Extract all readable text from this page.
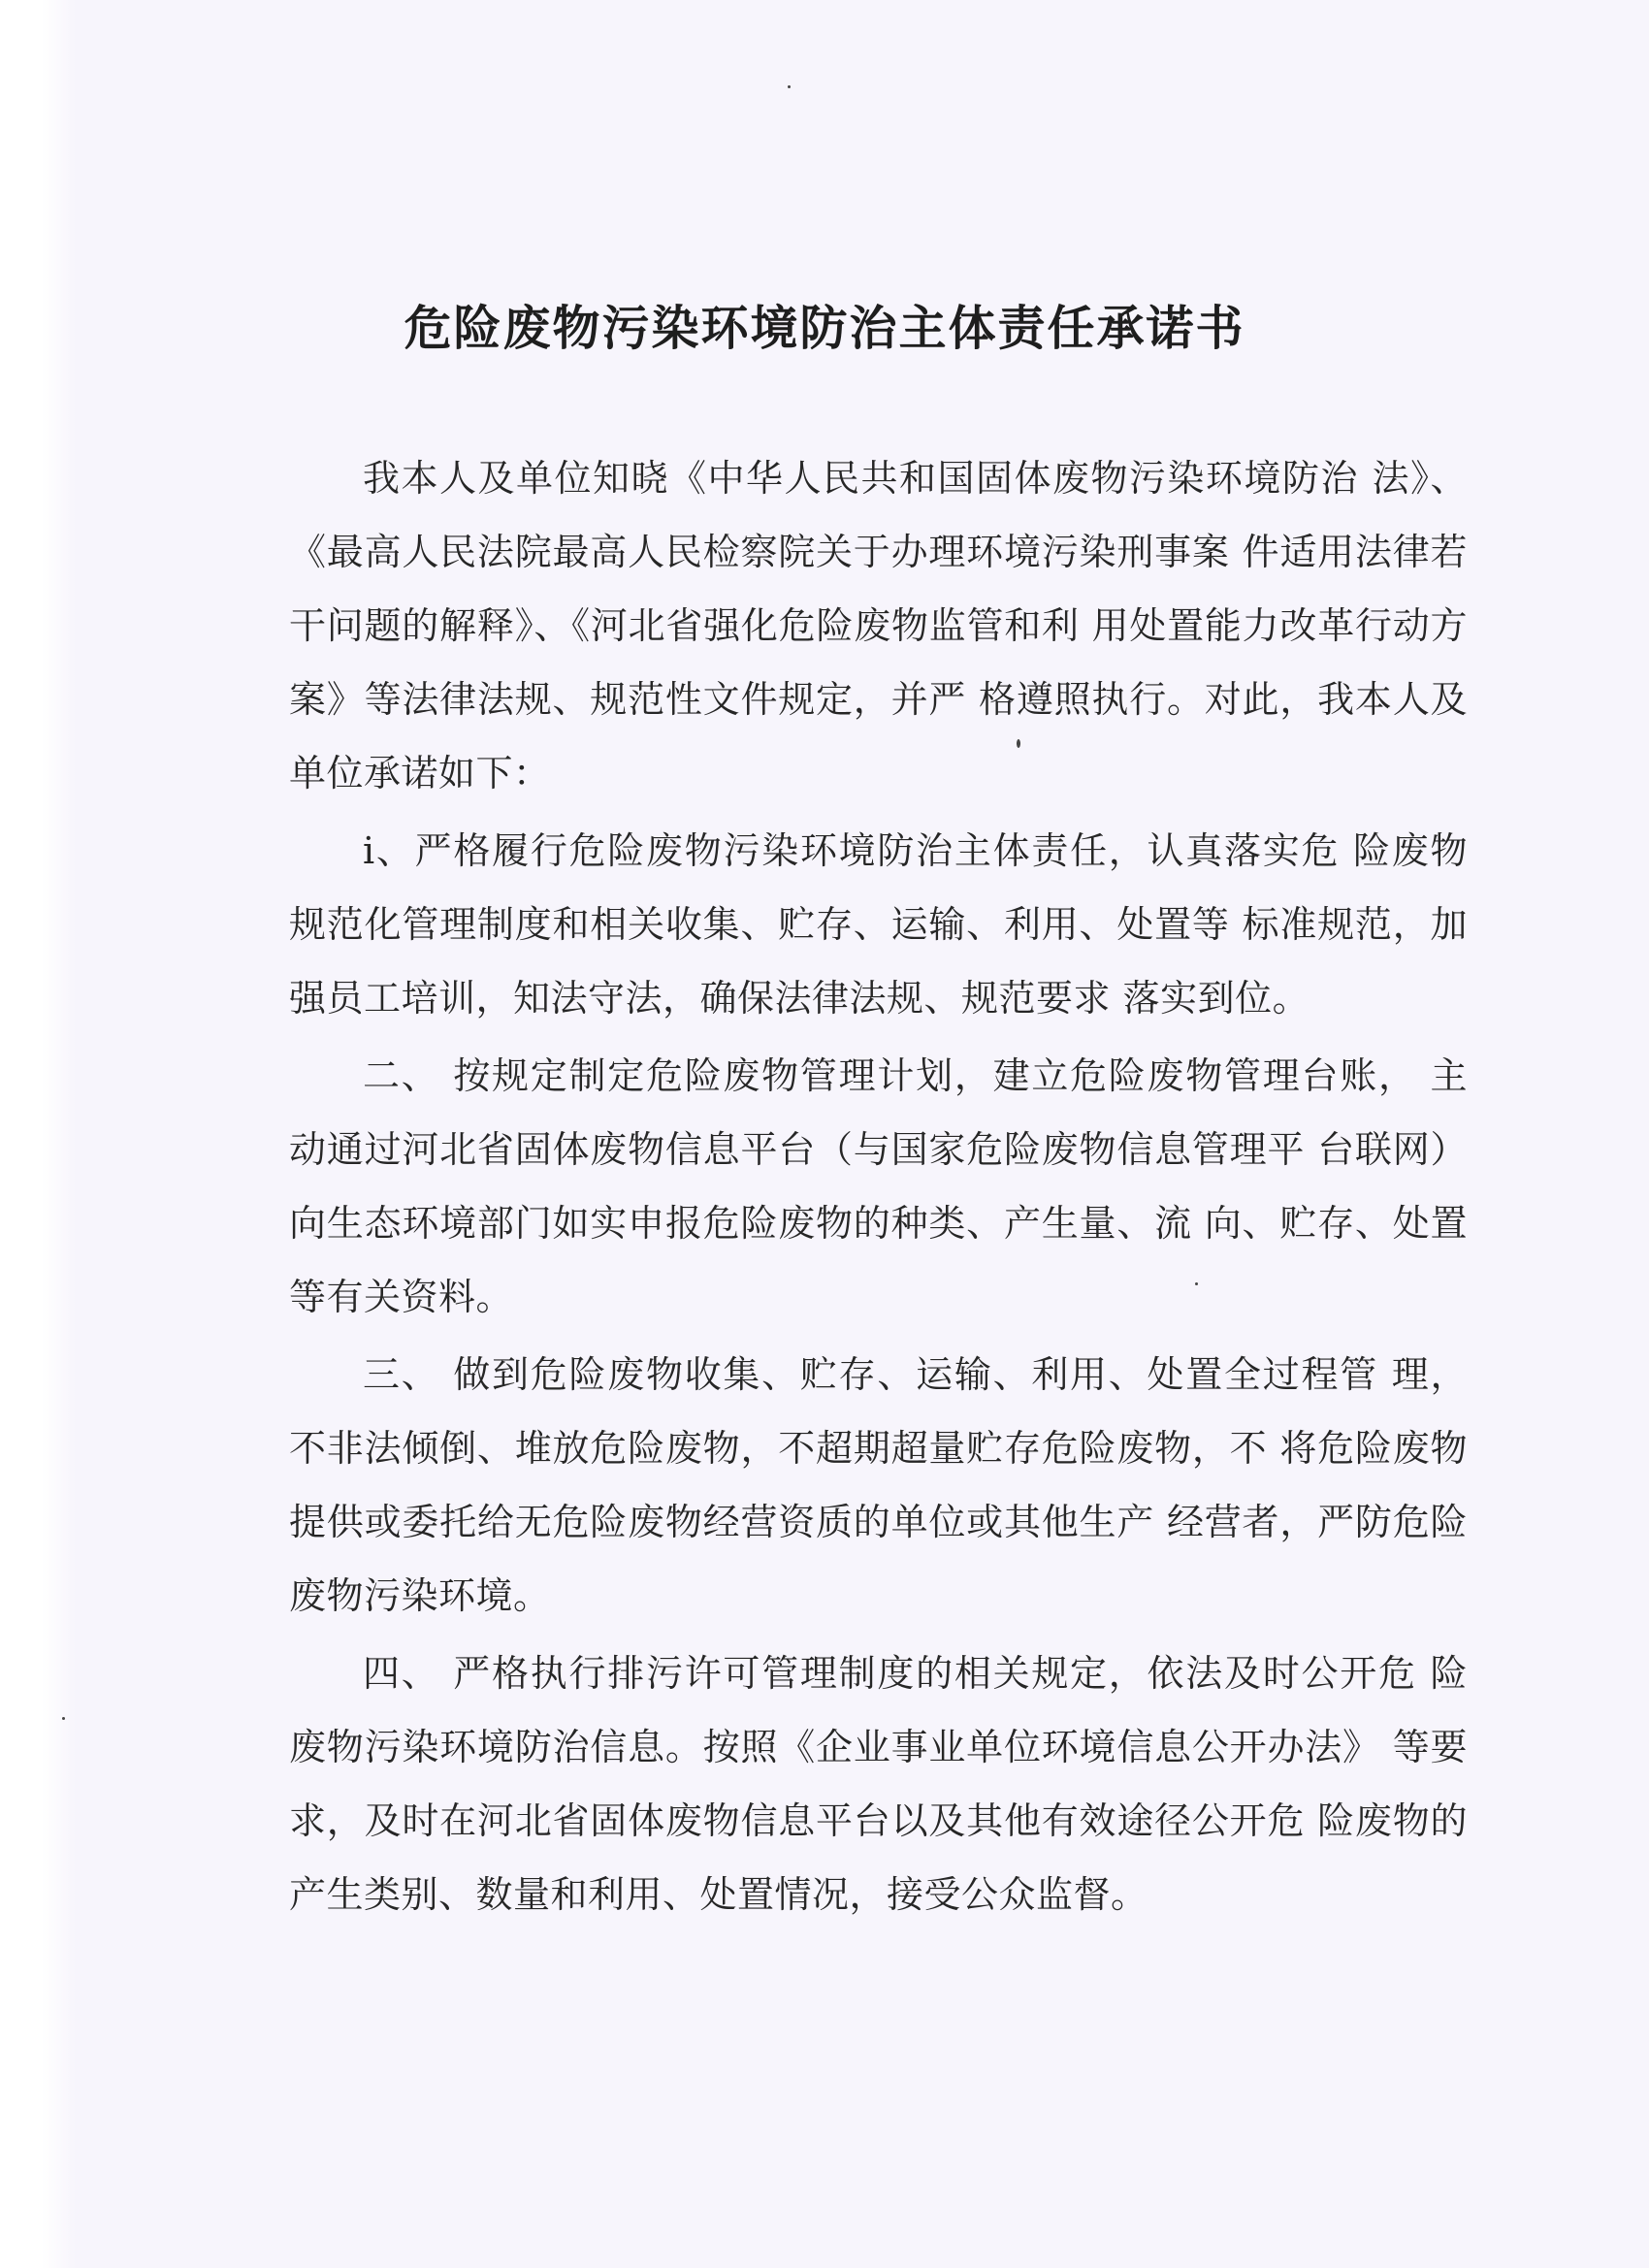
危险废物污染环境防治主体责任承诺书

我本人及单位知晓《中华人民共和国固体废物污染环境防治 法》、《最高人民法院最高人民检察院关于办理环境污染刑事案 件适用法律若干问题的解释》、《河北省强化危险废物监管和利 用处置能力改革行动方案》等法律法规、规范性文件规定，并严 格遵照执行。对此，我本人及单位承诺如下：

i、严格履行危险废物污染环境防治主体责任，认真落实危 险废物规范化管理制度和相关收集、贮存、运输、利用、处置等 标准规范，加强员工培训，知法守法，确保法律法规、规范要求 落实到位。

二、 按规定制定危险废物管理计划，建立危险废物管理台账， 主动通过河北省固体废物信息平台（与国家危险废物信息管理平 台联网）向生态环境部门如实申报危险废物的种类、产生量、流 向、贮存、处置等有关资料。

三、 做到危险废物收集、贮存、运输、利用、处置全过程管 理，不非法倾倒、堆放危险废物，不超期超量贮存危险废物，不 将危险废物提供或委托给无危险废物经营资质的单位或其他生产 经营者，严防危险废物污染环境。

四、 严格执行排污许可管理制度的相关规定，依法及时公开危 险废物污染环境防治信息。按照《企业事业单位环境信息公开办法》 等要求，及时在河北省固体废物信息平台以及其他有效途径公开危 险废物的产生类别、数量和利用、处置情况，接受公众监督。
